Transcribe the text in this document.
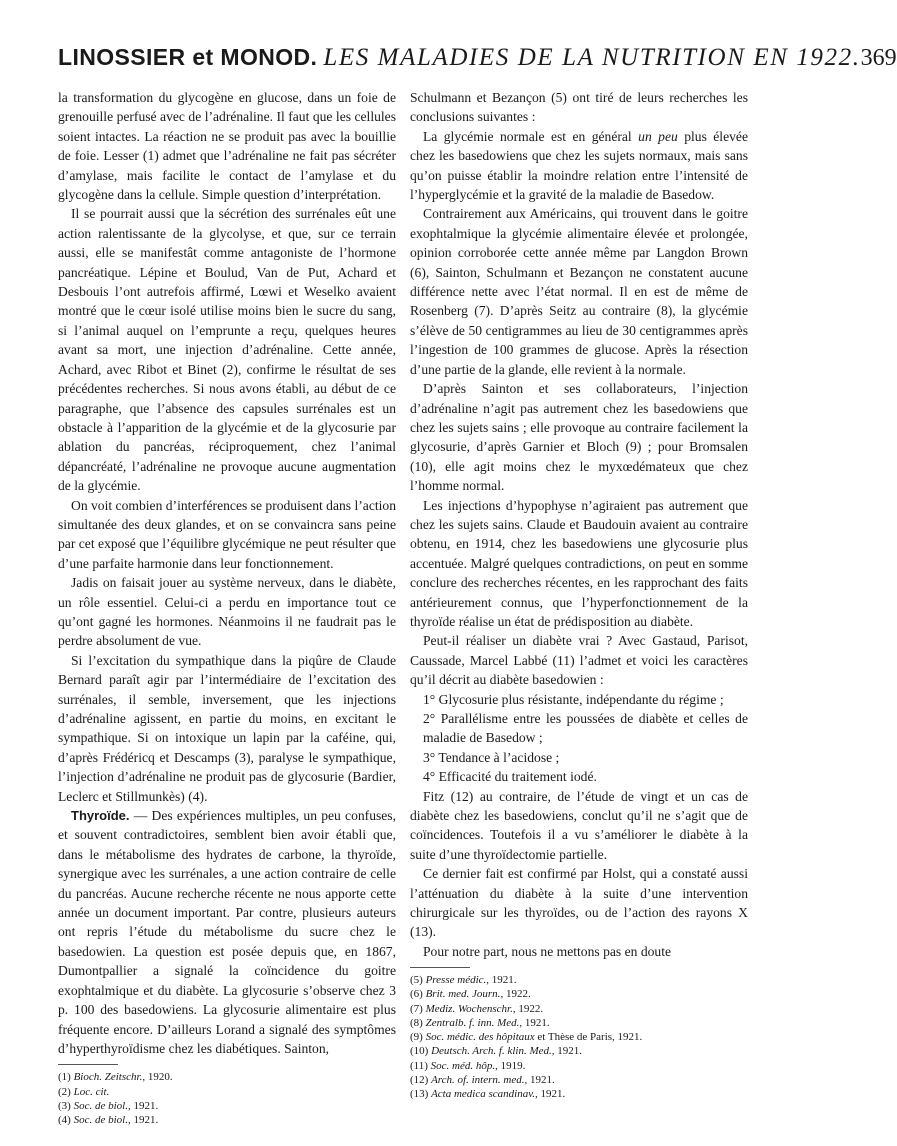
LINOSSIER et MONOD. LES MALADIES DE LA NUTRITION EN 1922. 369

la transformation du glycogène en glucose, dans un foie de grenouille perfusé avec de l’adrénaline. Il faut que les cellules soient intactes. La réaction ne se produit pas avec la bouillie de foie. Lesser (1) admet que l’adrénaline ne fait pas sécréter d’amylase, mais facilite le contact de l’amylase et du glycogène dans la cellule. Simple question d’interprétation.

Il se pourrait aussi que la sécrétion des surrénales eût une action ralentissante de la glycolyse, et que, sur ce terrain aussi, elle se manifestât comme antagoniste de l’hormone pancréatique. Lépine et Boulud, Van de Put, Achard et Desbouis l’ont autrefois affirmé, Lœwi et Weselko avaient montré que le cœur isolé utilise moins bien le sucre du sang, si l’animal auquel on l’emprunte a reçu, quelques heures avant sa mort, une injection d’adrénaline. Cette année, Achard, avec Ribot et Binet (2), confirme le résultat de ses précédentes recherches. Si nous avons établi, au début de ce paragraphe, que l’absence des capsules surrénales est un obstacle à l’apparition de la glycémie et de la glycosurie par ablation du pancréas, réciproquement, chez l’animal dépancréaté, l’adrénaline ne provoque aucune augmentation de la glycémie.

On voit combien d’interférences se produisent dans l’action simultanée des deux glandes, et on se convaincra sans peine par cet exposé que l’équilibre glycémique ne peut résulter que d’une parfaite harmonie dans leur fonctionnement.

Jadis on faisait jouer au système nerveux, dans le diabète, un rôle essentiel. Celui-ci a perdu en importance tout ce qu’ont gagné les hormones. Néanmoins il ne faudrait pas le perdre absolument de vue.

Si l’excitation du sympathique dans la piqûre de Claude Bernard paraît agir par l’intermédiaire de l’excitation des surrénales, il semble, inversement, que les injections d’adrénaline agissent, en partie du moins, en excitant le sympathique. Si on intoxique un lapin par la caféine, qui, d’après Frédéricq et Descamps (3), paralyse le sympathique, l’injection d’adrénaline ne produit pas de glycosurie (Bardier, Leclerc et Stillmunkès) (4).

Thyroïde. — Des expériences multiples, un peu confuses, et souvent contradictoires, semblent bien avoir établi que, dans le métabolisme des hydrates de carbone, la thyroïde, synergique avec les surrénales, a une action contraire de celle du pancréas. Aucune recherche récente ne nous apporte cette année un document important. Par contre, plusieurs auteurs ont repris l’étude du métabolisme du sucre chez le basedowien. La question est posée depuis que, en 1867, Dumontpallier a signalé la coïncidence du goitre exophtalmique et du diabète. La glycosurie s’observe chez 3 p. 100 des basedowiens. La glycosurie alimentaire est plus fréquente encore. D’ailleurs Lorand a signalé des symptômes d’hyperthyroïdisme chez les diabétiques. Sainton,

(1) Bioch. Zeitschr., 1920.
(2) Loc. cit.
(3) Soc. de biol., 1921.
(4) Soc. de biol., 1921.

Schulmann et Bezançon (5) ont tiré de leurs recherches les conclusions suivantes :

La glycémie normale est en général un peu plus élevée chez les basedowiens que chez les sujets normaux, mais sans qu’on puisse établir la moindre relation entre l’intensité de l’hyperglycémie et la gravité de la maladie de Basedow.

Contrairement aux Américains, qui trouvent dans le goitre exophtalmique la glycémie alimentaire élevée et prolongée, opinion corroborée cette année même par Langdon Brown (6), Sainton, Schulmann et Bezançon ne constatent aucune différence nette avec l’état normal. Il en est de même de Rosenberg (7). D’après Seitz au contraire (8), la glycémie s’élève de 50 centigrammes au lieu de 30 centigrammes après l’ingestion de 100 grammes de glucose. Après la résection d’une partie de la glande, elle revient à la normale.

D’après Sainton et ses collaborateurs, l’injection d’adrénaline n’agit pas autrement chez les basedowiens que chez les sujets sains ; elle provoque au contraire facilement la glycosurie, d’après Garnier et Bloch (9) ; pour Bromsalen (10), elle agit moins chez le myxœdémateux que chez l’homme normal.

Les injections d’hypophyse n’agiraient pas autrement que chez les sujets sains. Claude et Baudouin avaient au contraire obtenu, en 1914, chez les basedowiens une glycosurie plus accentuée. Malgré quelques contradictions, on peut en somme conclure des recherches récentes, en les rapprochant des faits antérieurement connus, que l’hyperfonctionnement de la thyroïde réalise un état de prédisposition au diabète.

Peut-il réaliser un diabète vrai ? Avec Gastaud, Parisot, Caussade, Marcel Labbé (11) l’admet et voici les caractères qu’il décrit au diabète basedowien :

1° Glycosurie plus résistante, indépendante du régime ;

2° Parallélisme entre les poussées de diabète et celles de maladie de Basedow ;

3° Tendance à l’acidose ;

4° Efficacité du traitement iodé.

Fitz (12) au contraire, de l’étude de vingt et un cas de diabète chez les basedowiens, conclut qu’il ne s’agit que de coïncidences. Toutefois il a vu s’améliorer le diabète à la suite d’une thyroïdectomie partielle.

Ce dernier fait est confirmé par Holst, qui a constaté aussi l’atténuation du diabète à la suite d’une intervention chirurgicale sur les thyroïdes, ou de l’action des rayons X (13).

Pour notre part, nous ne mettons pas en doute

(5) Presse médic., 1921.
(6) Brit. med. Journ., 1922.
(7) Mediz. Wochenschr., 1922.
(8) Zentralb. f. inn. Med., 1921.
(9) Soc. médic. des hôpitaux et Thèse de Paris, 1921.
(10) Deutsch. Arch. f. klin. Med., 1921.
(11) Soc. méd. hôp., 1919.
(12) Arch. of. intern. med., 1921.
(13) Acta medica scandinav., 1921.
